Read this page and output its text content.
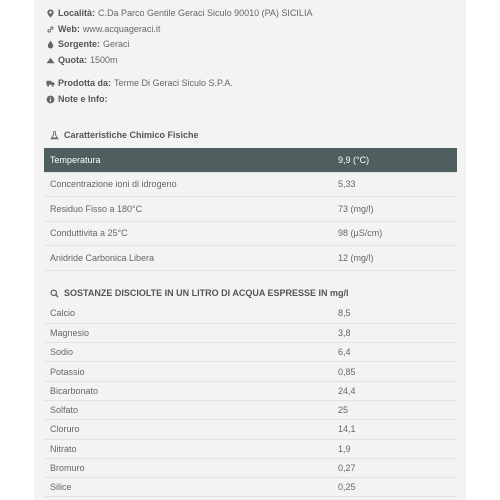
Località: C.Da Parco Gentile Geraci Siculo 90010 (PA) SICILIA
Web: www.acquageraci.it
Sorgente: Geraci
Quota: 1500m
Prodotta da: Terme Di Geraci Siculo S.P.A.
Note e Info:
Caratteristiche Chimico Fisiche
Temperatura	9,9 (°C)
Concentrazione ioni di idrogeno	5,33
Residuo Fisso a 180°C	73 (mg/l)
Conduttivita a 25°C	98 (µS/cm)
Anidride Carbonica Libera	12 (mg/l)
SOSTANZE DISCIOLTE IN UN LITRO DI ACQUA ESPRESSE IN mg/l
Calcio	8,5
Magnesio	3,8
Sodio	6,4
Potassio	0,85
Bicarbonato	24,4
Solfato	25
Cloruro	14,1
Nitrato	1,9
Bromuro	0,27
Silice	0,25
